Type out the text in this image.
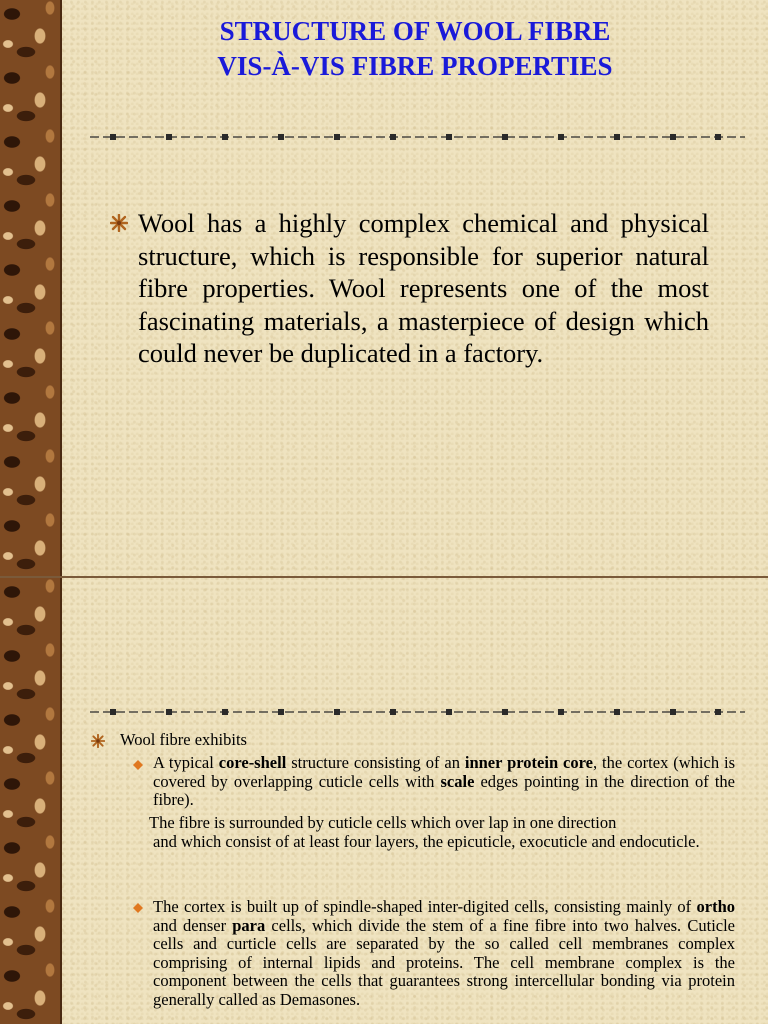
STRUCTURE OF WOOL FIBRE
VIS-À-VIS FIBRE PROPERTIES
Wool has a highly complex chemical and physical structure, which is responsible for superior natural fibre properties. Wool represents one of the most fascinating materials, a masterpiece of design which could never be duplicated in a factory.
Wool fibre exhibits
A typical core-shell structure consisting of an inner protein core, the cortex (which is covered by overlapping cuticle cells with scale edges pointing in the direction of the fibre).
The fibre is surrounded by cuticle cells which over lap in one direction
and which consist of at least four layers, the epicuticle, exocuticle and endocuticle.
The cortex is built up of spindle-shaped inter-digited cells, consisting mainly of ortho and denser para cells, which divide the stem of a fine fibre into two halves. Cuticle cells and curticle cells are separated by the so called cell membranes complex comprising of internal lipids and proteins. The cell membrane complex is the component between the cells that guarantees strong intercellular bonding via protein generally called as Demasones.
